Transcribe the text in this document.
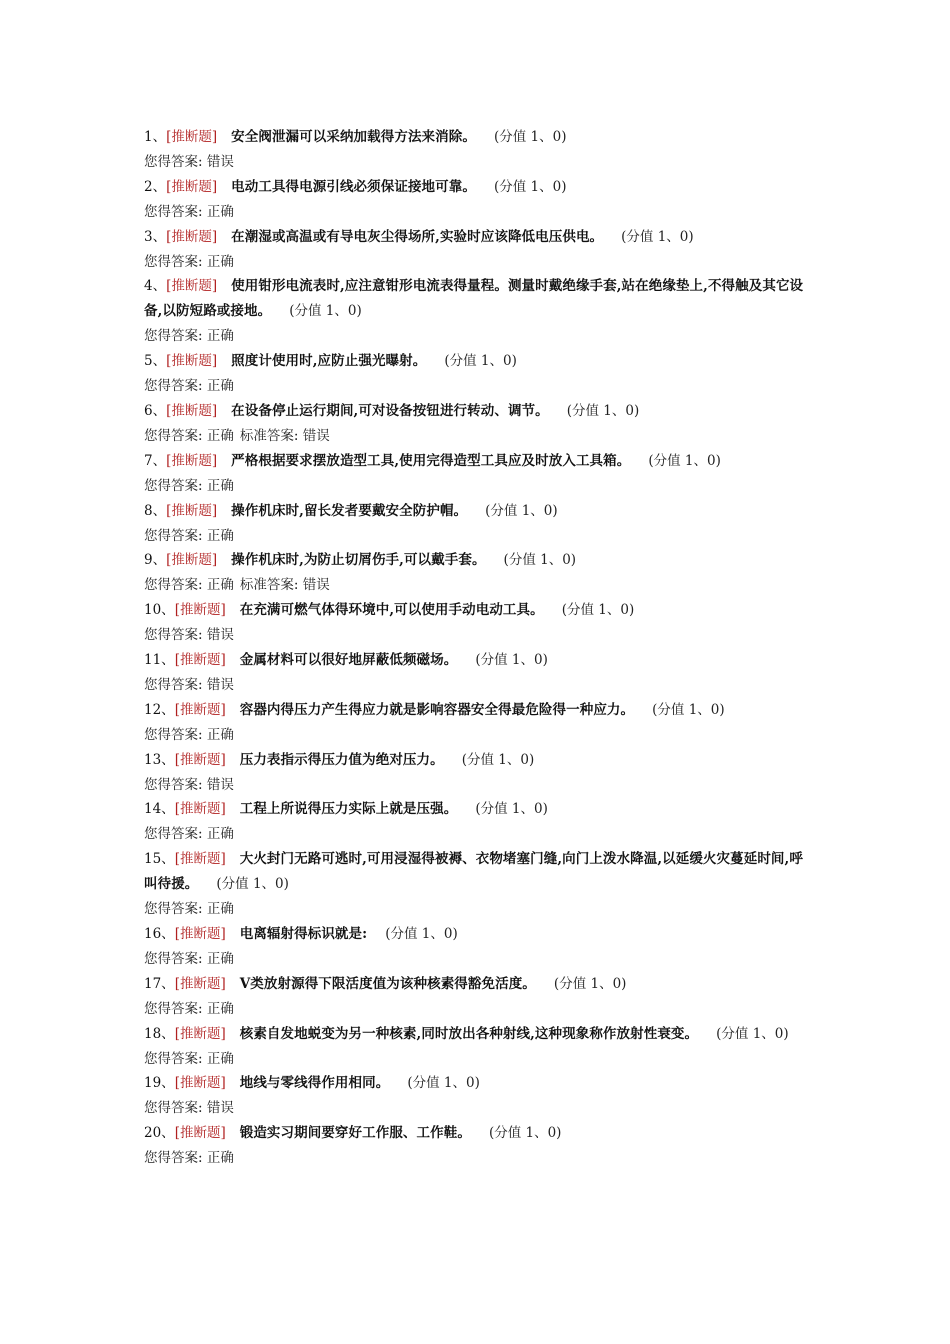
1、[推断题] 安全阀泄漏可以采纳加载得方法来消除。 (分值 1、0)

您得答案: 错误

2、[推断题] 电动工具得电源引线必须保证接地可靠。 (分值 1、0)

您得答案: 正确

3、[推断题] 在潮湿或高温或有导电灰尘得场所,实验时应该降低电压供电。 (分值 1、0)

您得答案: 正确

4、[推断题] 使用钳形电流表时,应注意钳形电流表得量程。测量时戴绝缘手套,站在绝缘垫上,不得触及其它设备,以防短路或接地。 (分值 1、0)

您得答案: 正确

5、[推断题] 照度计使用时,应防止强光曝射。 (分值 1、0)

您得答案: 正确

6、[推断题] 在设备停止运行期间,可对设备按钮进行转动、调节。 (分值 1、0)

您得答案: 正确 标准答案: 错误

7、[推断题] 严格根据要求摆放造型工具,使用完得造型工具应及时放入工具箱。 (分值 1、0)

您得答案: 正确

8、[推断题] 操作机床时,留长发者要戴安全防护帽。 (分值 1、0)

您得答案: 正确

9、[推断题] 操作机床时,为防止切屑伤手,可以戴手套。 (分值 1、0)

您得答案: 正确 标准答案: 错误

10、[推断题] 在充满可燃气体得环境中,可以使用手动电动工具。 (分值 1、0)

您得答案: 错误

11、[推断题] 金属材料可以很好地屏蔽低频磁场。 (分值 1、0)

您得答案: 错误

12、[推断题] 容器内得压力产生得应力就是影响容器安全得最危险得一种应力。 (分值 1、0)

您得答案: 正确

13、[推断题] 压力表指示得压力值为绝对压力。 (分值 1、0)

您得答案: 错误

14、[推断题] 工程上所说得压力实际上就是压强。 (分值 1、0)

您得答案: 正确

15、[推断题] 大火封门无路可逃时,可用浸湿得被褥、衣物堵塞门缝,向门上泼水降温,以延缓火灾蔓延时间,呼叫待援。 (分值 1、0)

您得答案: 正确

16、[推断题] 电离辐射得标识就是: (分值 1、0)

您得答案: 正确

17、[推断题] V类放射源得下限活度值为该种核素得豁免活度。 (分值 1、0)

您得答案: 正确

18、[推断题] 核素自发地蜕变为另一种核素,同时放出各种射线,这种现象称作放射性衰变。 (分值 1、0)

您得答案: 正确

19、[推断题] 地线与零线得作用相同。 (分值 1、0)

您得答案: 错误

20、[推断题] 锻造实习期间要穿好工作服、工作鞋。 (分值 1、0)

您得答案: 正确
